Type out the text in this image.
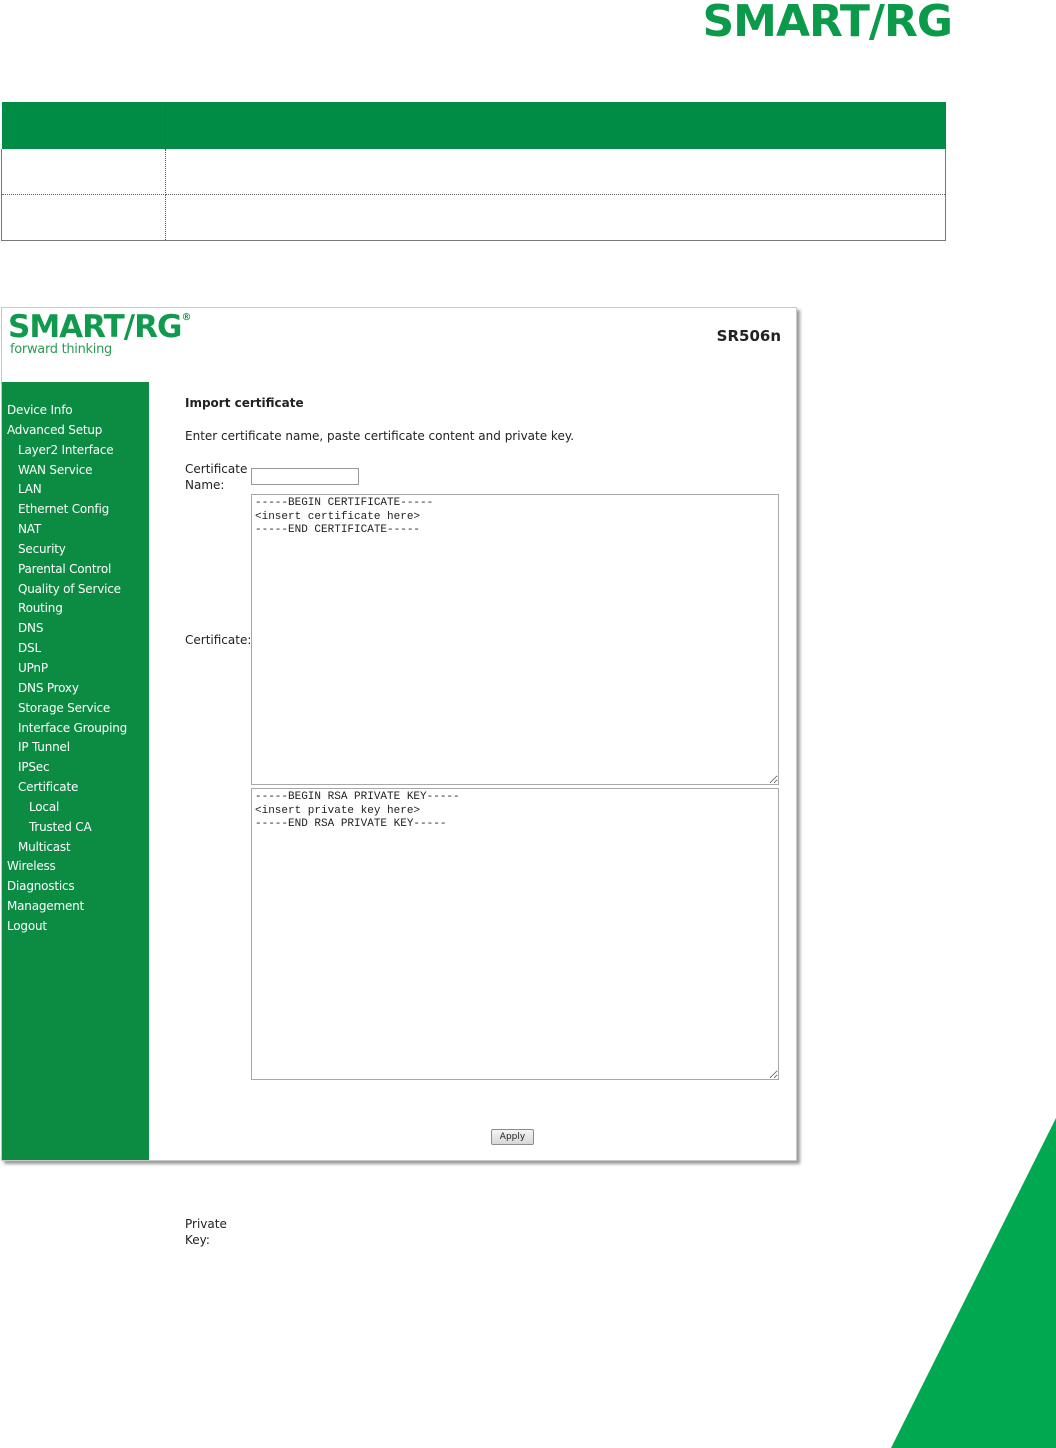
SMART/RG

SMART/RG®
forward thinking
SR506n
Device Info
Advanced Setup
Layer2 Interface
WAN Service
LAN
Ethernet Config
NAT
Security
Parental Control
Quality of Service
Routing
DNS
DSL
UPnP
DNS Proxy
Storage Service
Interface Grouping
IP Tunnel
IPSec
Certificate
Local
Trusted CA
Multicast
Wireless
Diagnostics
Management
Logout
Import certificate
Enter certificate name, paste certificate content and private key.
Certificate Name:
Certificate:
-----BEGIN CERTIFICATE----- <insert certificate here> -----END CERTIFICATE-----
Private Key:
-----BEGIN RSA PRIVATE KEY----- <insert private key here> -----END RSA PRIVATE KEY-----
Apply
